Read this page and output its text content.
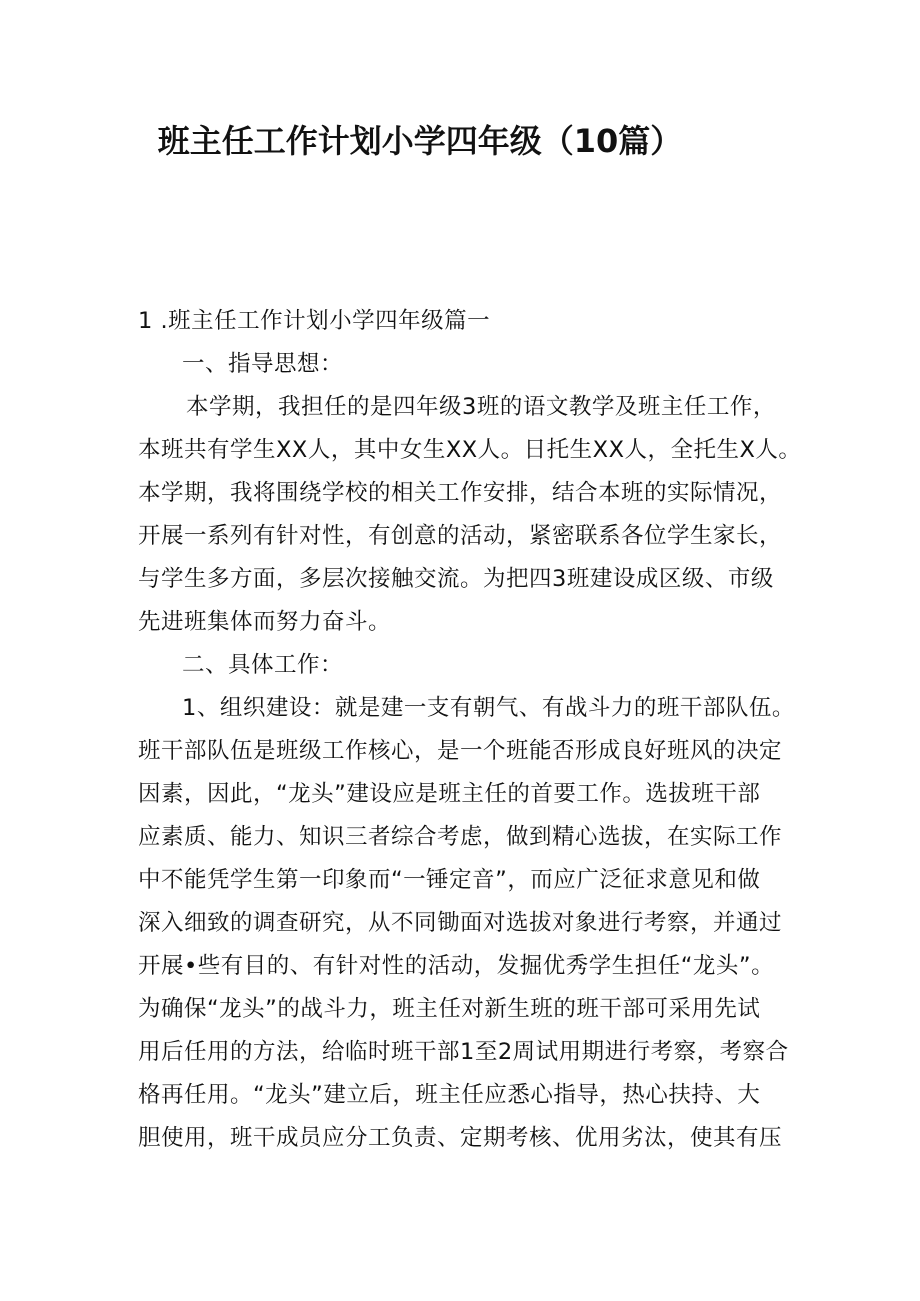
班主任工作计划小学四年级（10篇）
1 .班主任工作计划小学四年级篇一
一、指导思想：
本学期，我担任的是四年级3班的语文教学及班主任工作，
本班共有学生XX人，其中女生XX人。日托生XX人，全托生X人。
本学期，我将围绕学校的相关工作安排，结合本班的实际情况，
开展一系列有针对性，有创意的活动，紧密联系各位学生家长，
与学生多方面，多层次接触交流。为把四3班建设成区级、市级
先进班集体而努力奋斗。
二、具体工作：
1、组织建设：就是建一支有朝气、有战斗力的班干部队伍。
班干部队伍是班级工作核心，是一个班能否形成良好班风的决定
因素，因此，“龙头”建设应是班主任的首要工作。选拔班干部
应素质、能力、知识三者综合考虑，做到精心选拔，在实际工作
中不能凭学生第一印象而“一锤定音”，而应广泛征求意见和做
深入细致的调查研究，从不同锄面对选拔对象进行考察，并通过
开展•些有目的、有针对性的活动，发掘优秀学生担任“龙头”。
为确保“龙头”的战斗力，班主任对新生班的班干部可采用先试
用后任用的方法，给临时班干部1至2周试用期进行考察，考察合
格再任用。“龙头”建立后，班主任应悉心指导，热心扶持、大
胆使用，班干成员应分工负责、定期考核、优用劣汰，使其有压
